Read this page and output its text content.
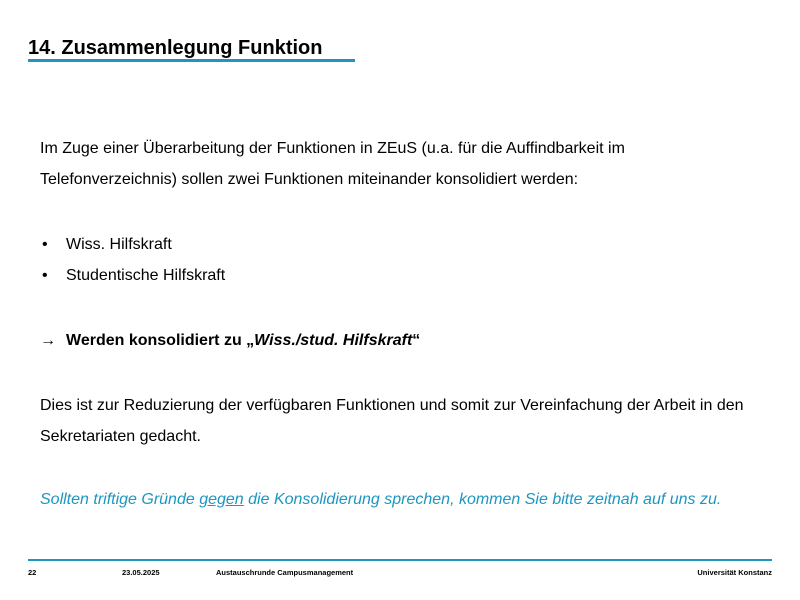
14. Zusammenlegung Funktion

Im Zuge einer Überarbeitung der Funktionen in ZEuS (u.a. für die Auffindbarkeit im Telefonverzeichnis) sollen zwei Funktionen miteinander konsolidiert werden:

• Wiss. Hilfskraft
• Studentische Hilfskraft
→ Werden konsolidiert zu „Wiss./stud. Hilfskraft“

Dies ist zur Reduzierung der verfügbaren Funktionen und somit zur Vereinfachung der Arbeit in den Sekretariaten gedacht.

Sollten triftige Gründe gegen die Konsolidierung sprechen, kommen Sie bitte zeitnah auf uns zu.

22	23.05.2025	Austauschrunde Campusmanagement	Universität Konstanz
